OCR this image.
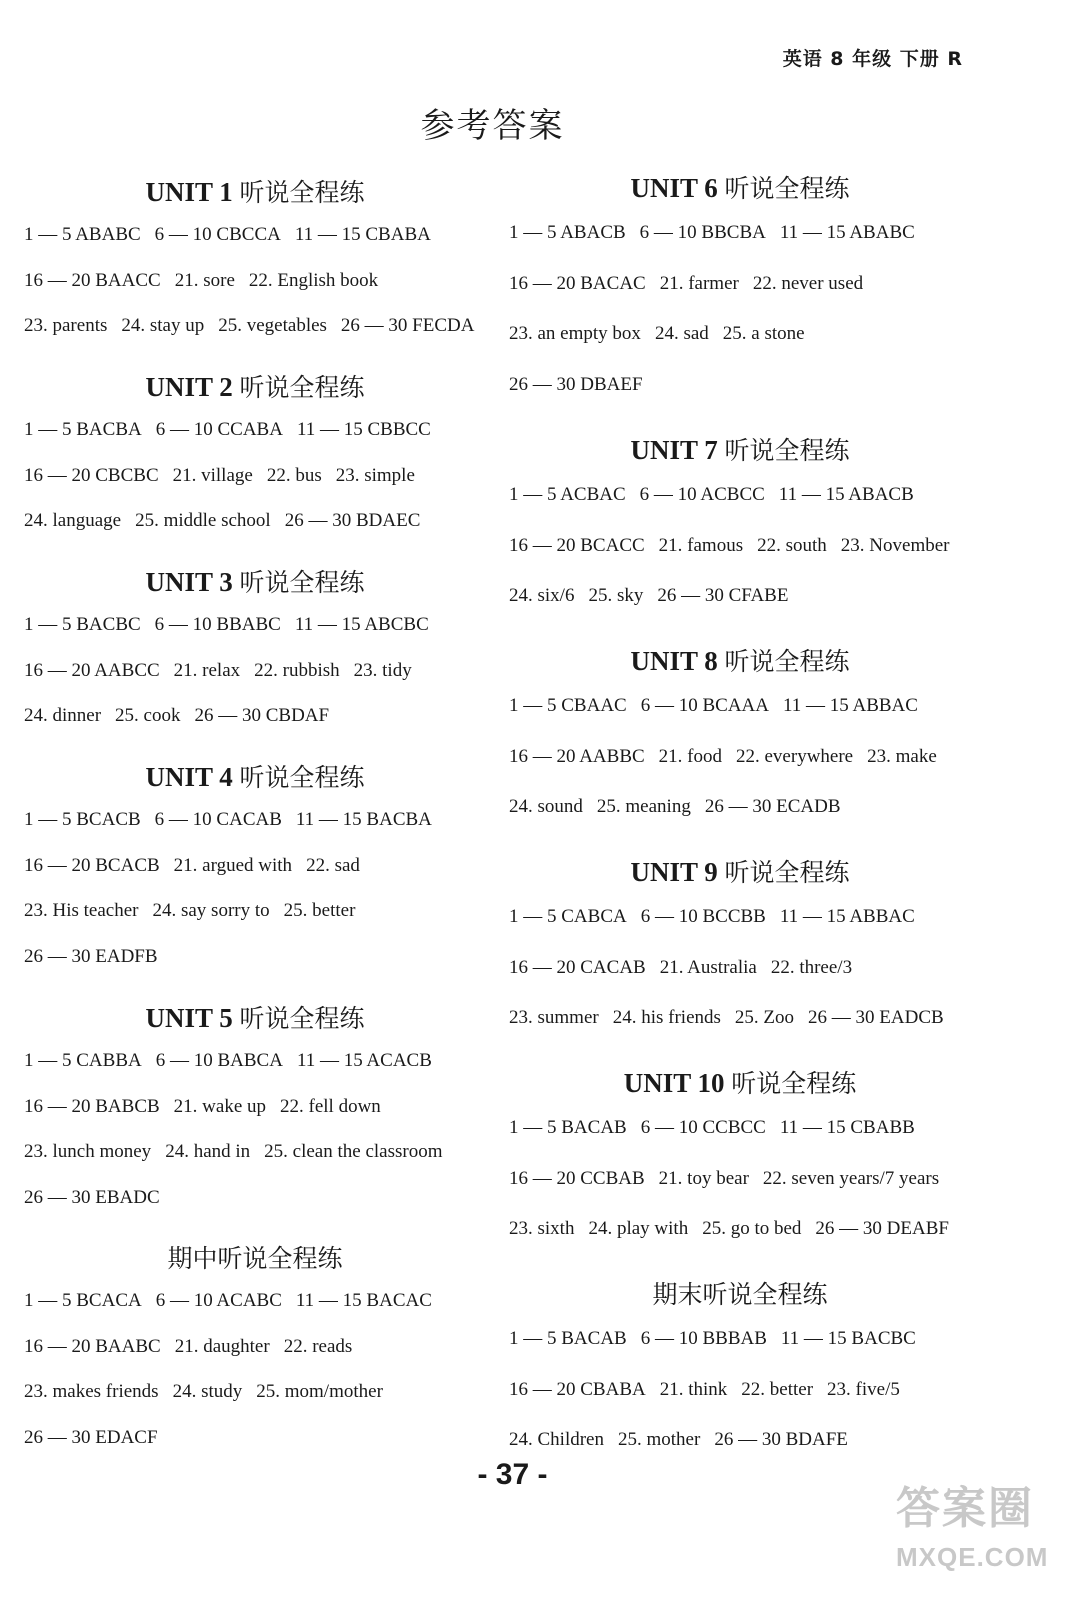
英语 8 年级 下册 R
参考答案
UNIT 1 听说全程练
1 — 5 ABABC 6 — 10 CBCCA 11 — 15 CBABA
16 — 20 BAACC 21. sore 22. English book
23. parents 24. stay up 25. vegetables 26 — 30 FECDA
UNIT 2 听说全程练
1 — 5 BACBA 6 — 10 CCABA 11 — 15 CBBCC
16 — 20 CBCBC 21. village 22. bus 23. simple
24. language 25. middle school 26 — 30 BDAEC
UNIT 3 听说全程练
1 — 5 BACBC 6 — 10 BBABC 11 — 15 ABCBC
16 — 20 AABCC 21. relax 22. rubbish 23. tidy
24. dinner 25. cook 26 — 30 CBDAF
UNIT 4 听说全程练
1 — 5 BCACB 6 — 10 CACAB 11 — 15 BACBA
16 — 20 BCACB 21. argued with 22. sad
23. His teacher 24. say sorry to 25. better
26 — 30 EADFB
UNIT 5 听说全程练
1 — 5 CABBA 6 — 10 BABCA 11 — 15 ACACB
16 — 20 BABCB 21. wake up 22. fell down
23. lunch money 24. hand in 25. clean the classroom
26 — 30 EBADC
期中听说全程练
1 — 5 BCACA 6 — 10 ACABC 11 — 15 BACAC
16 — 20 BAABC 21. daughter 22. reads
23. makes friends 24. study 25. mom/mother
26 — 30 EDACF
UNIT 6 听说全程练
1 — 5 ABACB 6 — 10 BBCBA 11 — 15 ABABC
16 — 20 BACAC 21. farmer 22. never used
23. an empty box 24. sad 25. a stone
26 — 30 DBAEF
UNIT 7 听说全程练
1 — 5 ACBAC 6 — 10 ACBCC 11 — 15 ABACB
16 — 20 BCACC 21. famous 22. south 23. November
24. six/6 25. sky 26 — 30 CFABE
UNIT 8 听说全程练
1 — 5 CBAAC 6 — 10 BCAAA 11 — 15 ABBAC
16 — 20 AABBC 21. food 22. everywhere 23. make
24. sound 25. meaning 26 — 30 ECADB
UNIT 9 听说全程练
1 — 5 CABCA 6 — 10 BCCBB 11 — 15 ABBAC
16 — 20 CACAB 21. Australia 22. three/3
23. summer 24. his friends 25. Zoo 26 — 30 EADCB
UNIT 10 听说全程练
1 — 5 BACAB 6 — 10 CCBCC 11 — 15 CBABB
16 — 20 CCBAB 21. toy bear 22. seven years/7 years
23. sixth 24. play with 25. go to bed 26 — 30 DEABF
期末听说全程练
1 — 5 BACAB 6 — 10 BBBAB 11 — 15 BACBC
16 — 20 CBABA 21. think 22. better 23. five/5
24. Children 25. mother 26 — 30 BDAFE
- 37 -
答案圈
MXQE.COM
